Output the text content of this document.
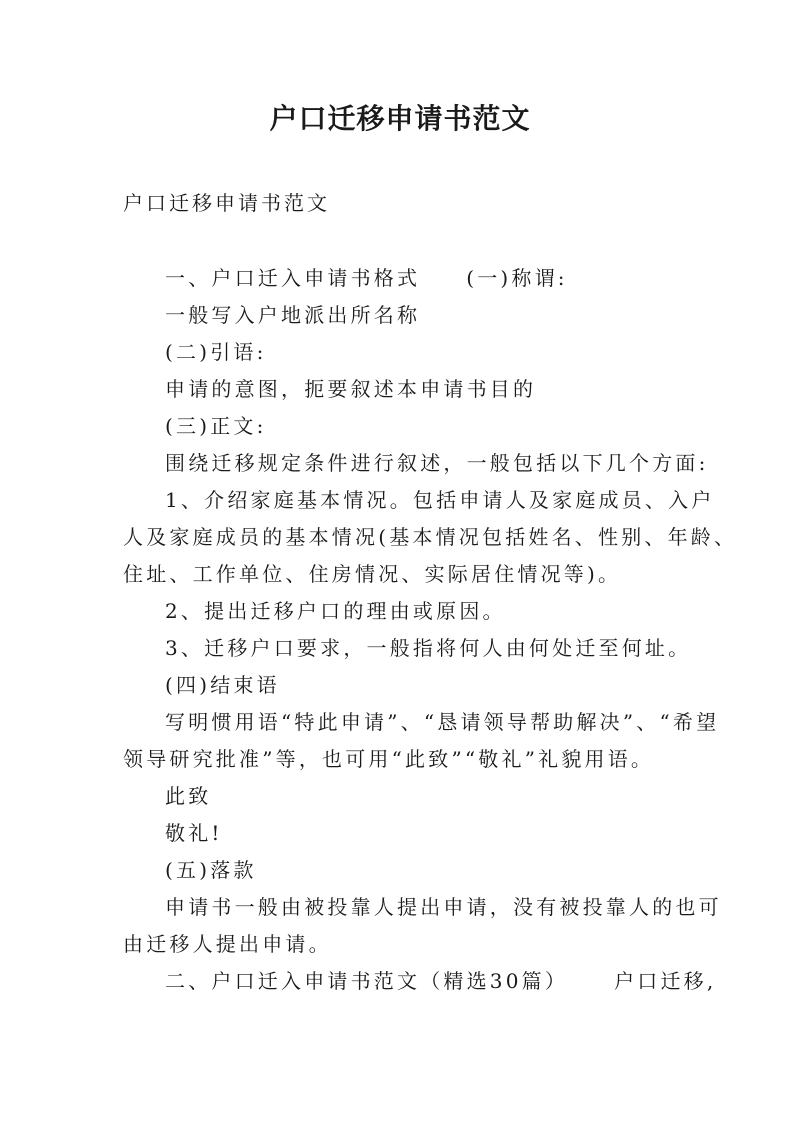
户口迁移申请书范文

户口迁移申请书范文

一、户口迁入申请书格式 (一)称谓:

一般写入户地派出所名称

(二)引语:

申请的意图，扼要叙述本申请书目的

(三)正文:

围绕迁移规定条件进行叙述，一般包括以下几个方面:

1、介绍家庭基本情况。包括申请人及家庭成员、入户

人及家庭成员的基本情况(基本情况包括姓名、性别、年龄、

住址、工作单位、住房情况、实际居住情况等)。

2、提出迁移户口的理由或原因。

3、迁移户口要求，一般指将何人由何处迁至何址。

(四)结束语

写明惯用语“特此申请”、“恳请领导帮助解决”、“希望

领导研究批准”等，也可用“此致”“敬礼”礼貌用语。

此致

敬礼!

(五)落款

申请书一般由被投靠人提出申请，没有被投靠人的也可

由迁移人提出申请。

二、户口迁入申请书范文（精选30篇） 户口迁移,
